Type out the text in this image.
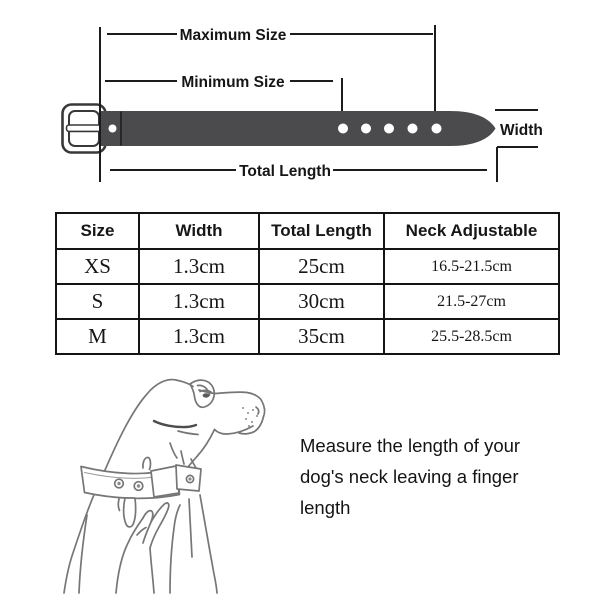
Maximum Size
Minimum Size
Total Length
Width
Size	Width	Total Length	Neck Adjustable
XS	1.3cm	25cm	16.5-21.5cm
S	1.3cm	30cm	21.5-27cm
M	1.3cm	35cm	25.5-28.5cm
Measure the length of your
dog's neck leaving a finger
length
